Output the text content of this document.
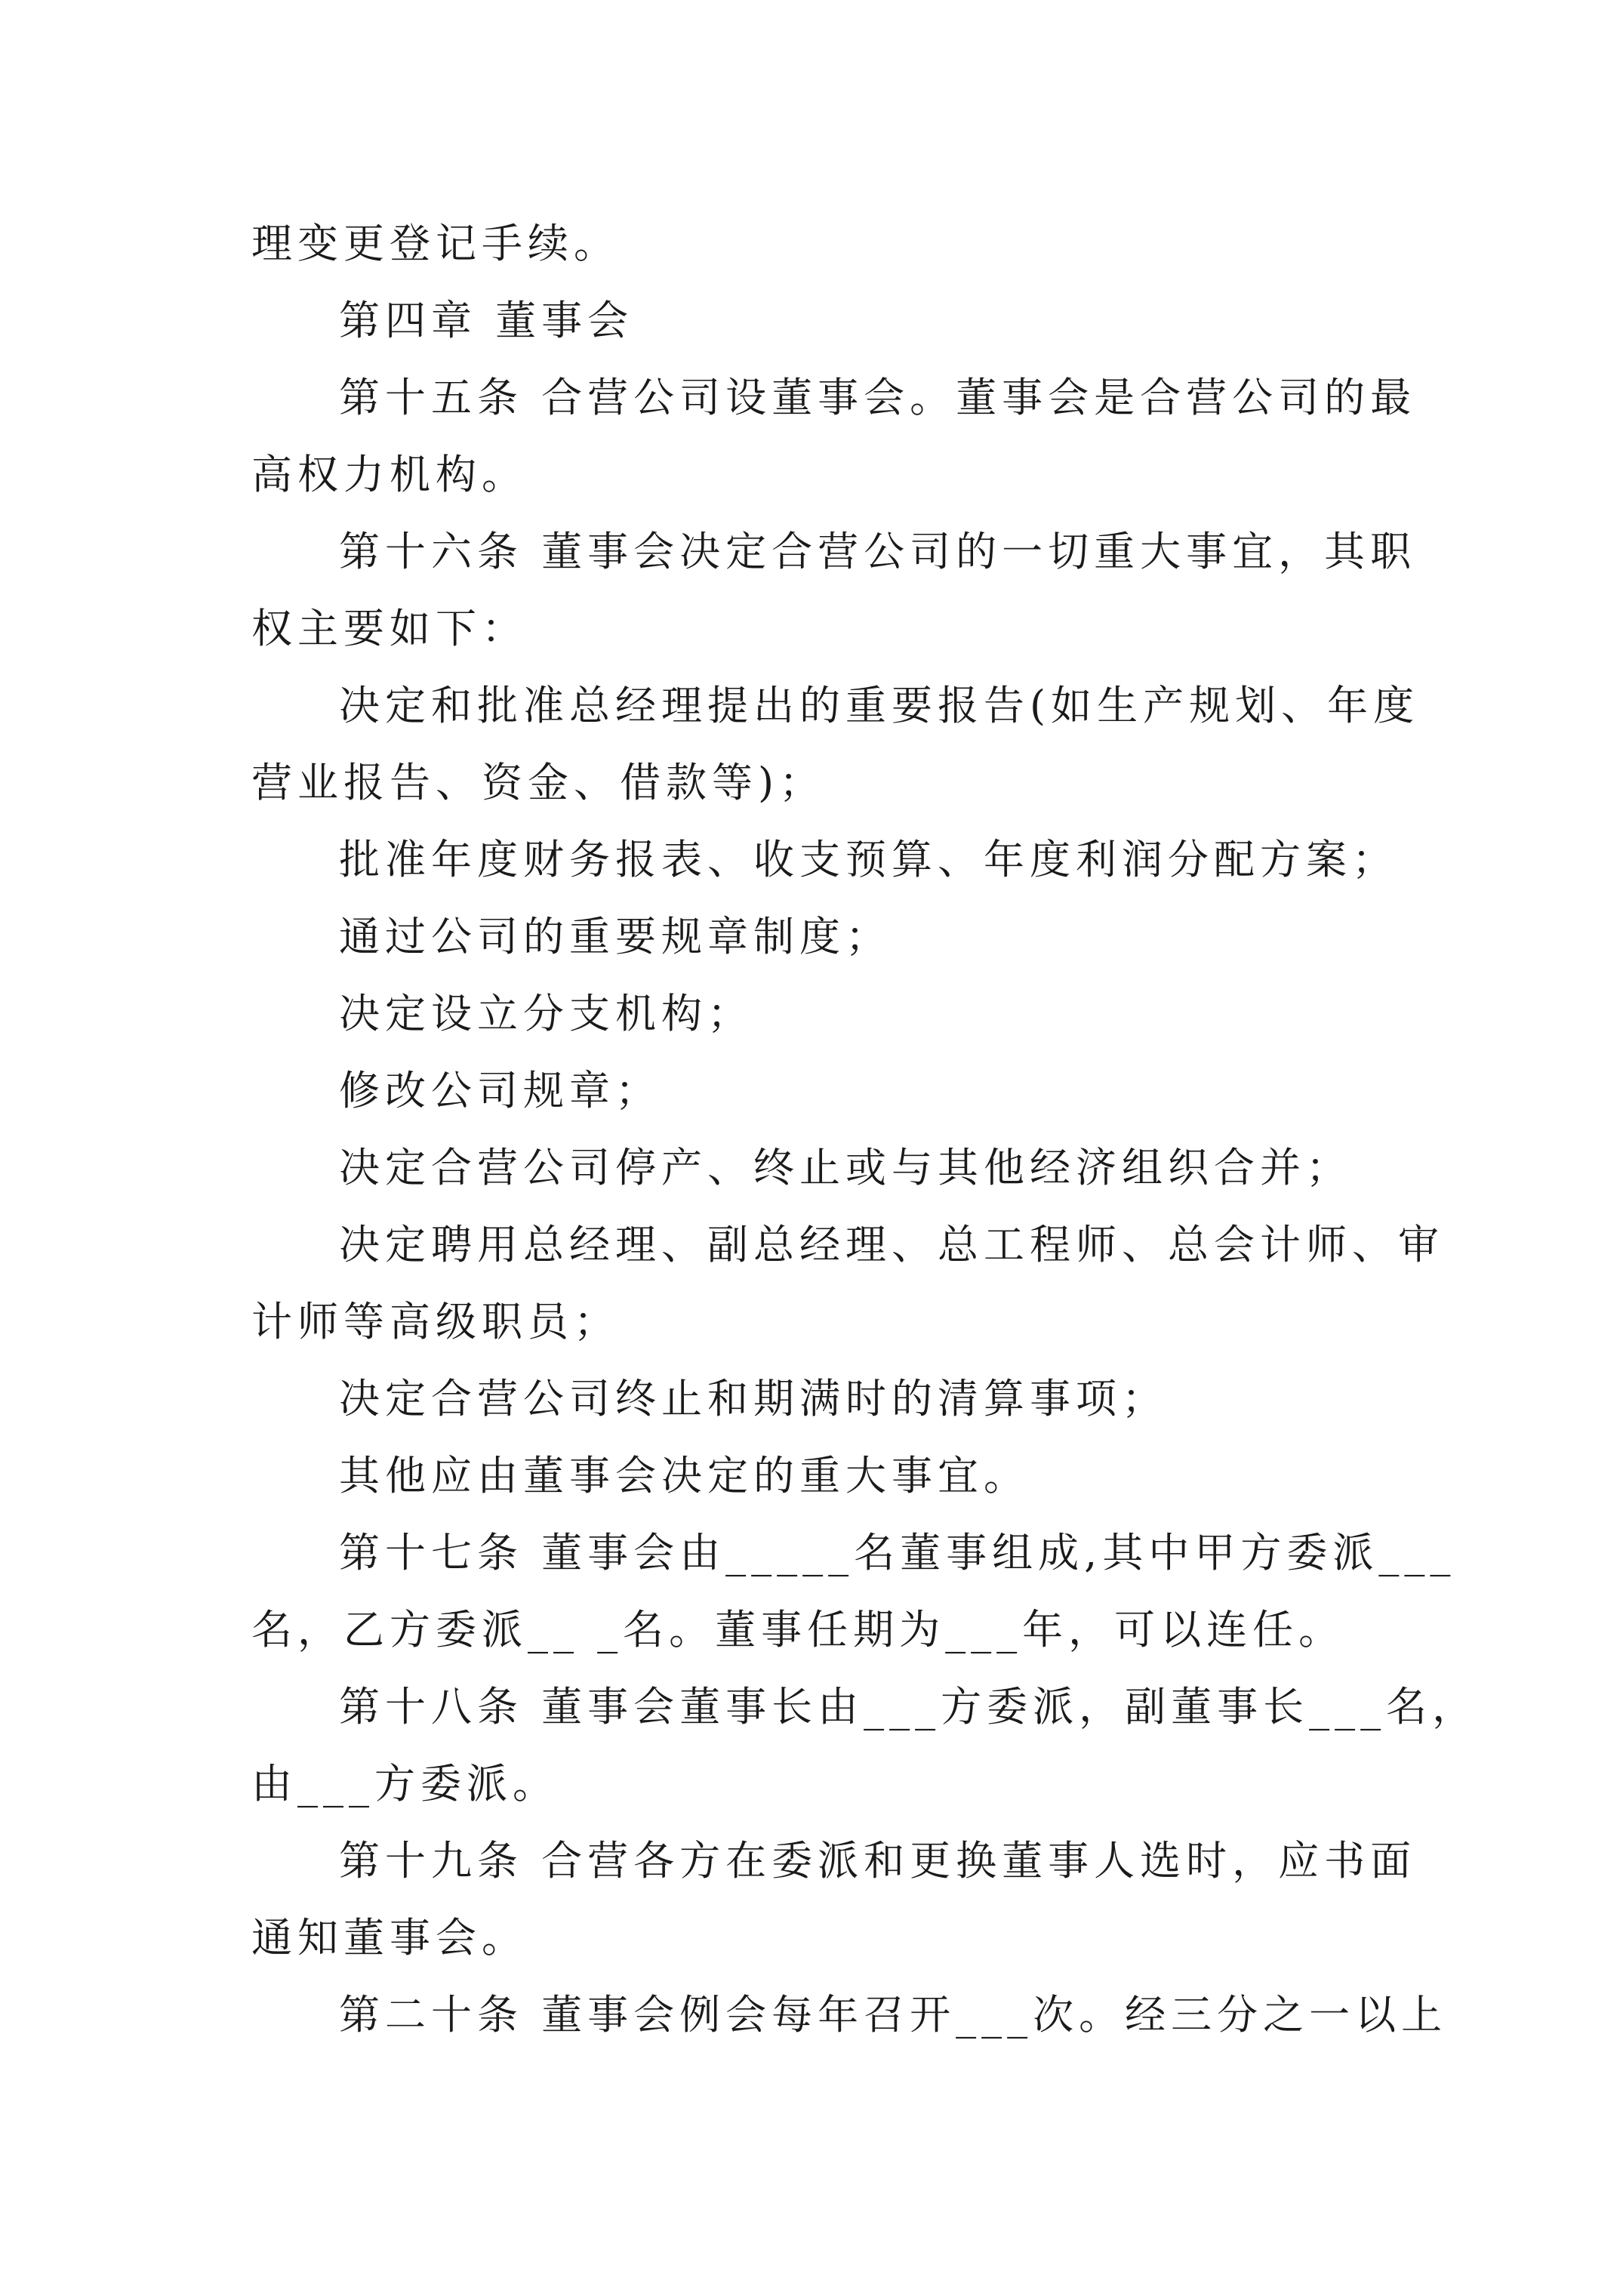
理变更登记手续。
第四章 董事会
第十五条 合营公司设董事会。董事会是合营公司的最
高权力机构。
第十六条 董事会决定合营公司的一切重大事宜，其职
权主要如下：
决定和批准总经理提出的重要报告(如生产规划、年度
营业报告、资金、借款等)；
批准年度财务报表、收支预算、年度利润分配方案；
通过公司的重要规章制度；
决定设立分支机构；
修改公司规章；
决定合营公司停产、终止或与其他经济组织合并；
决定聘用总经理、副总经理、总工程师、总会计师、审
计师等高级职员；
决定合营公司终止和期满时的清算事项；
其他应由董事会决定的重大事宜。
第十七条 董事会由_____名董事组成,其中甲方委派___
名，乙方委派__ _名。董事任期为___年，可以连任。
第十八条 董事会董事长由___方委派，副董事长___名，
由___方委派。
第十九条 合营各方在委派和更换董事人选时，应书面
通知董事会。
第二十条 董事会例会每年召开___次。经三分之一以上
